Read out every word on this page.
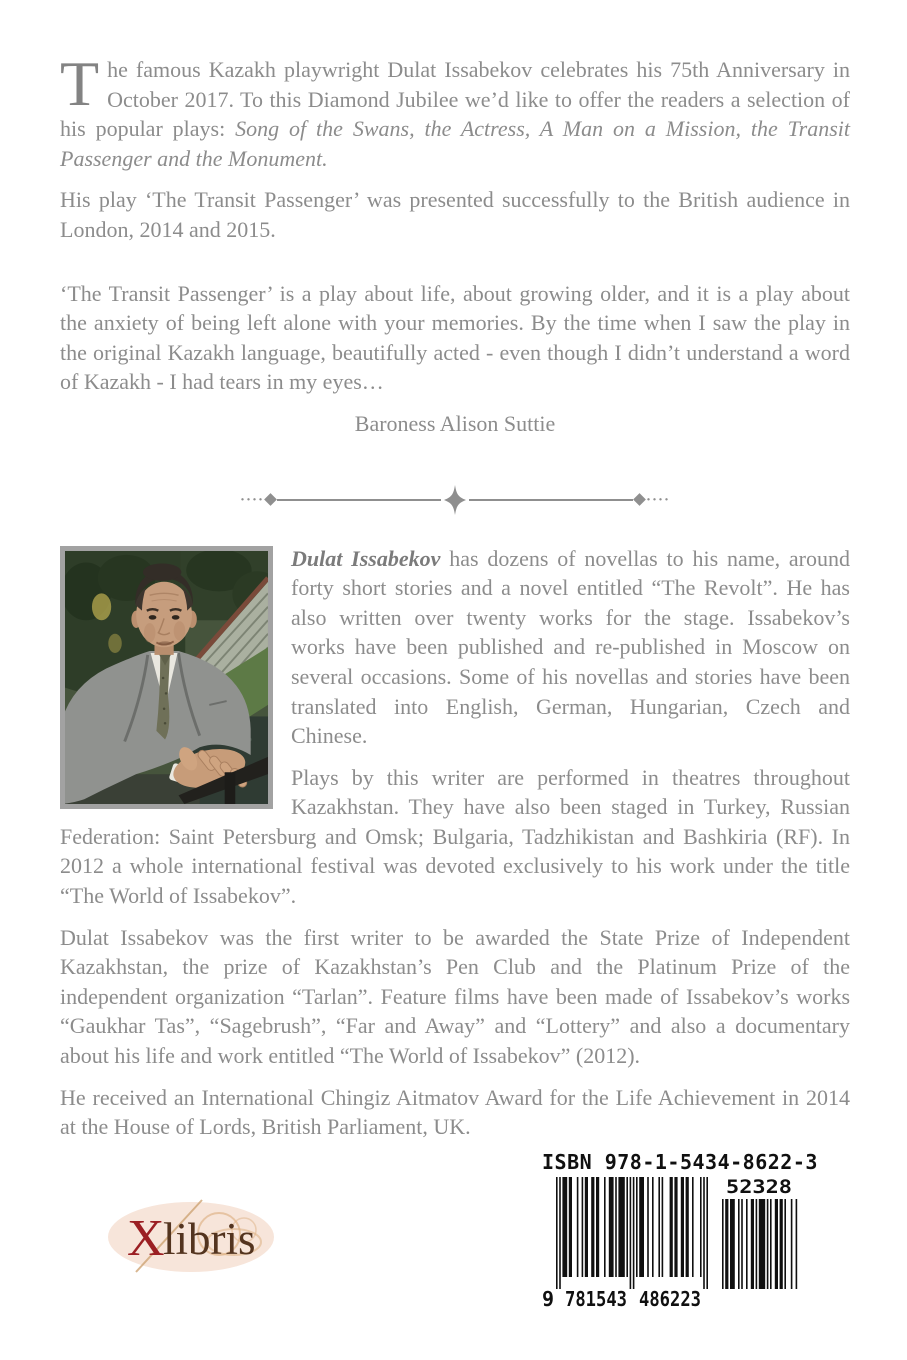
The famous Kazakh playwright Dulat Issabekov celebrates his 75th Anniversary in October 2017. To this Diamond Jubilee we’d like to offer the readers a selection of his popular plays: Song of the Swans, the Actress, A Man on a Mission, the Transit Passenger and the Monument.

His play ‘The Transit Passenger’ was presented successfully to the British audience in London, 2014 and 2015.

‘The Transit Passenger’ is a play about life, about growing older, and it is a play about the anxiety of being left alone with your memories. By the time when I saw the play in the original Kazakh language, beautifully acted - even though I didn’t understand a word of Kazakh - I had tears in my eyes…

Baroness Alison Suttie

····	····

Dulat Issabekov has dozens of novellas to his name, around forty short stories and a novel entitled “The Revolt”. He has also written over twenty works for the stage. Issabekov’s works have been published and re-published in Moscow on several occasions. Some of his novellas and stories have been translated into English, German, Hungarian, Czech and Chinese.

Plays by this writer are performed in theatres throughout Kazakhstan. They have also been staged in Turkey, Russian Federation: Saint Petersburg and Omsk; Bulgaria, Tadzhikistan and Bashkiria (RF). In 2012 a whole international festival was devoted exclusively to his work under the title “The World of Issabekov”.

Dulat Issabekov was the first writer to be awarded the State Prize of Independent Kazakhstan, the prize of Kazakhstan’s Pen Club and the Platinum Prize of the independent organization “Tarlan”. Feature films have been made of Issabekov’s works “Gaukhar Tas”, “Sagebrush”, “Far and Away” and “Lottery” and also a documentary about his life and work entitled “The World of Issabekov” (2012).

He received an International Chingiz Aitmatov Award for the Life Achievement in 2014 at the House of Lords, British Parliament, UK.

X
libris
ISBN 978-1-5434-8622-3
9 781543 486223
52328
